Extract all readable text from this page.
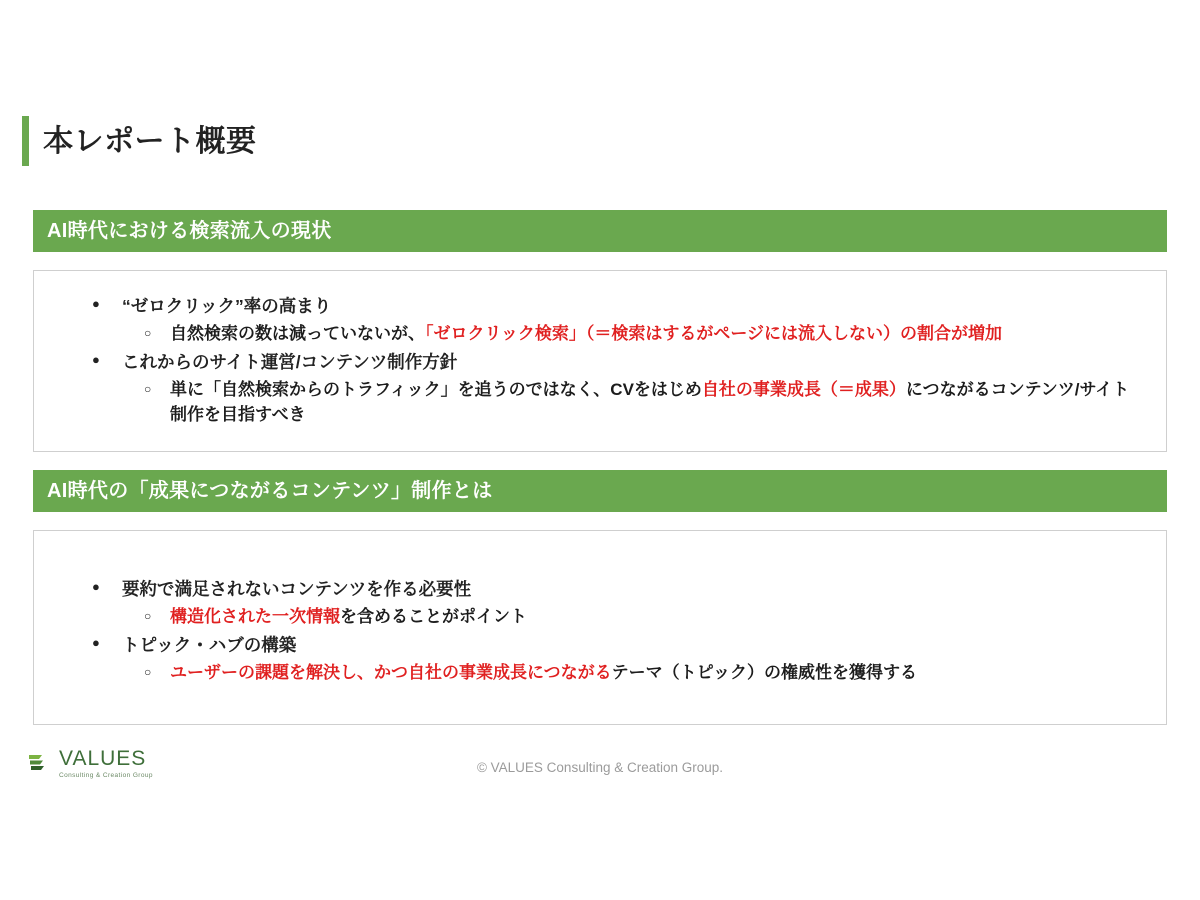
本レポート概要
AI時代における検索流入の現状
● “ゼロクリック”率の高まり
○ 自然検索の数は減っていないが、「ゼロクリック検索」（＝検索はするがページには流入しない）の割合が増加
● これからのサイト運営/コンテンツ制作方針
○ 単に「自然検索からのトラフィック」を追うのではなく、CVをはじめ自社の事業成長（＝成果）につながるコンテンツ/サイト制作を目指すべき
AI時代の「成果につながるコンテンツ」制作とは
● 要約で満足されないコンテンツを作る必要性
○ 構造化された一次情報を含めることがポイント
● トピック・ハブの構築
○ ユーザーの課題を解決し、かつ自社の事業成長につながるテーマ（トピック）の権威性を獲得する
VALUES
Consulting & Creation Group
© VALUES Consulting & Creation Group.
